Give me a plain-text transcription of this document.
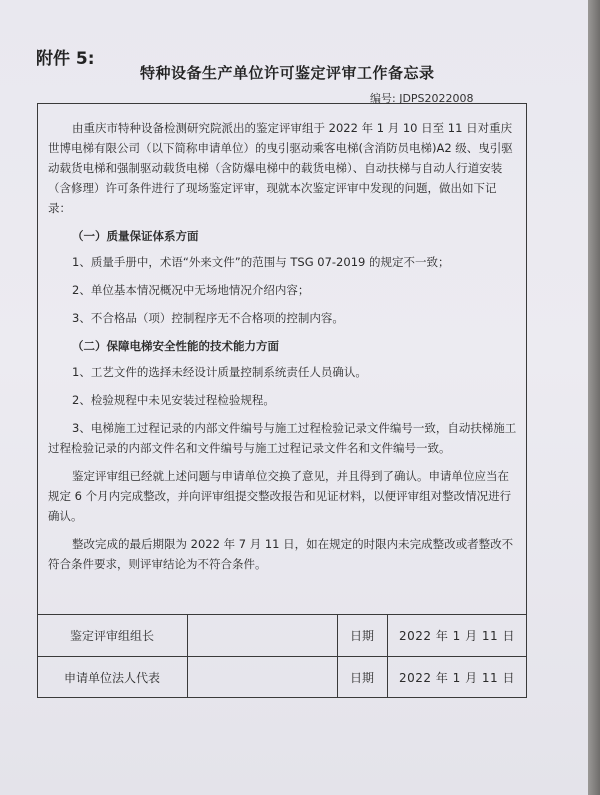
附件 5:
特种设备生产单位许可鉴定评审工作备忘录
编号: JDPS2022008

由重庆市特种设备检测研究院派出的鉴定评审组于 2022 年 1 月 10 日至 11 日对重庆世博电梯有限公司（以下简称申请单位）的曳引驱动乘客电梯(含消防员电梯)A2 级、曳引驱动载货电梯和强制驱动载货电梯（含防爆电梯中的载货电梯）、自动扶梯与自动人行道安装（含修理）许可条件进行了现场鉴定评审，现就本次鉴定评审中发现的问题，做出如下记录：

（一）质量保证体系方面

1、质量手册中，术语“外来文件”的范围与 TSG 07-2019 的规定不一致；

2、单位基本情况概况中无场地情况介绍内容；

3、不合格品（项）控制程序无不合格项的控制内容。

（二）保障电梯安全性能的技术能力方面

1、工艺文件的选择未经设计质量控制系统责任人员确认。

2、检验规程中未见安装过程检验规程。

3、电梯施工过程记录的内部文件编号与施工过程检验记录文件编号一致，自动扶梯施工过程检验记录的内部文件名和文件编号与施工过程记录文件名和文件编号一致。

鉴定评审组已经就上述问题与申请单位交换了意见，并且得到了确认。申请单位应当在规定 6 个月内完成整改，并向评审组提交整改报告和见证材料，以便评审组对整改情况进行确认。

整改完成的最后期限为 2022 年 7 月 11 日，如在规定的时限内未完成整改或者整改不符合条件要求，则评审结论为不符合条件。

鉴定评审组组长	日期	2022 年 1 月 11 日
申请单位法人代表	日期	2022 年 1 月 11 日
